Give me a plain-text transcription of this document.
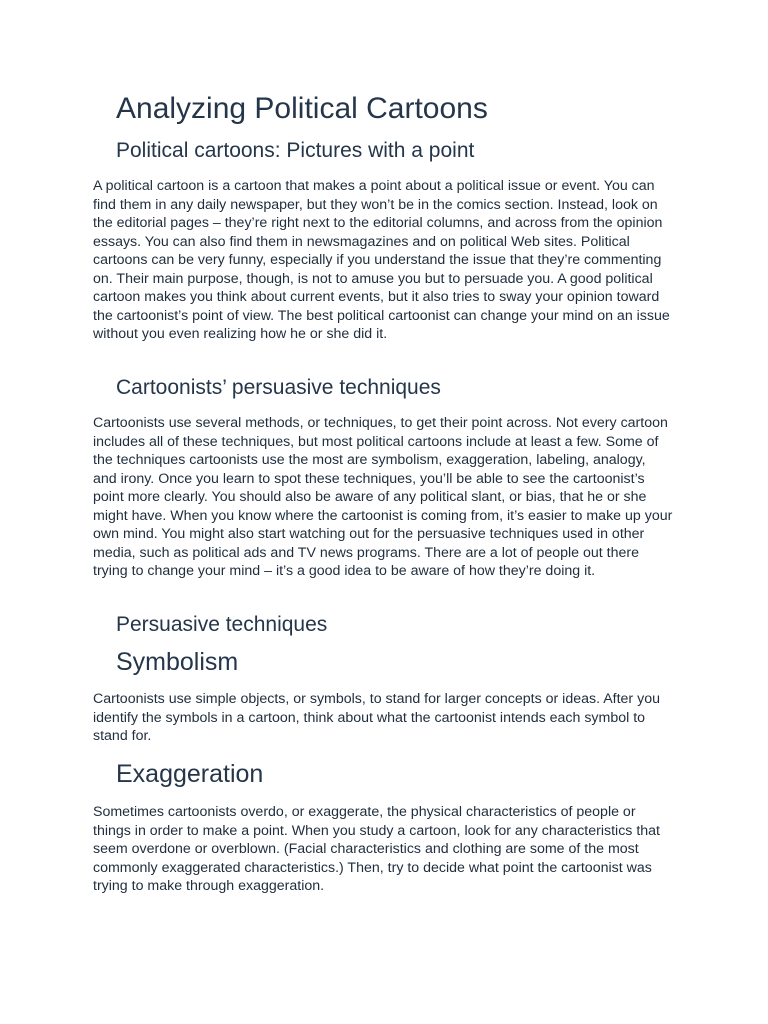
Analyzing Political Cartoons
Political cartoons: Pictures with a point

A political cartoon is a cartoon that makes a point about a political issue or event. You can find them in any daily newspaper, but they won’t be in the comics section. Instead, look on the editorial pages – they’re right next to the editorial columns, and across from the opinion essays. You can also find them in newsmagazines and on political Web sites. Political cartoons can be very funny, especially if you understand the issue that they’re commenting on. Their main purpose, though, is not to amuse you but to persuade you. A good political cartoon makes you think about current events, but it also tries to sway your opinion toward the cartoonist’s point of view. The best political cartoonist can change your mind on an issue without you even realizing how he or she did it.

Cartoonists’ persuasive techniques

Cartoonists use several methods, or techniques, to get their point across. Not every cartoon includes all of these techniques, but most political cartoons include at least a few. Some of the techniques cartoonists use the most are symbolism, exaggeration, labeling, analogy, and irony. Once you learn to spot these techniques, you’ll be able to see the cartoonist’s point more clearly. You should also be aware of any political slant, or bias, that he or she might have. When you know where the cartoonist is coming from, it’s easier to make up your own mind. You might also start watching out for the persuasive techniques used in other media, such as political ads and TV news programs. There are a lot of people out there trying to change your mind – it’s a good idea to be aware of how they’re doing it.

Persuasive techniques
Symbolism

Cartoonists use simple objects, or symbols, to stand for larger concepts or ideas. After you identify the symbols in a cartoon, think about what the cartoonist intends each symbol to stand for.

Exaggeration

Sometimes cartoonists overdo, or exaggerate, the physical characteristics of people or things in order to make a point. When you study a cartoon, look for any characteristics that seem overdone or overblown. (Facial characteristics and clothing are some of the most commonly exaggerated characteristics.) Then, try to decide what point the cartoonist was trying to make through exaggeration.
